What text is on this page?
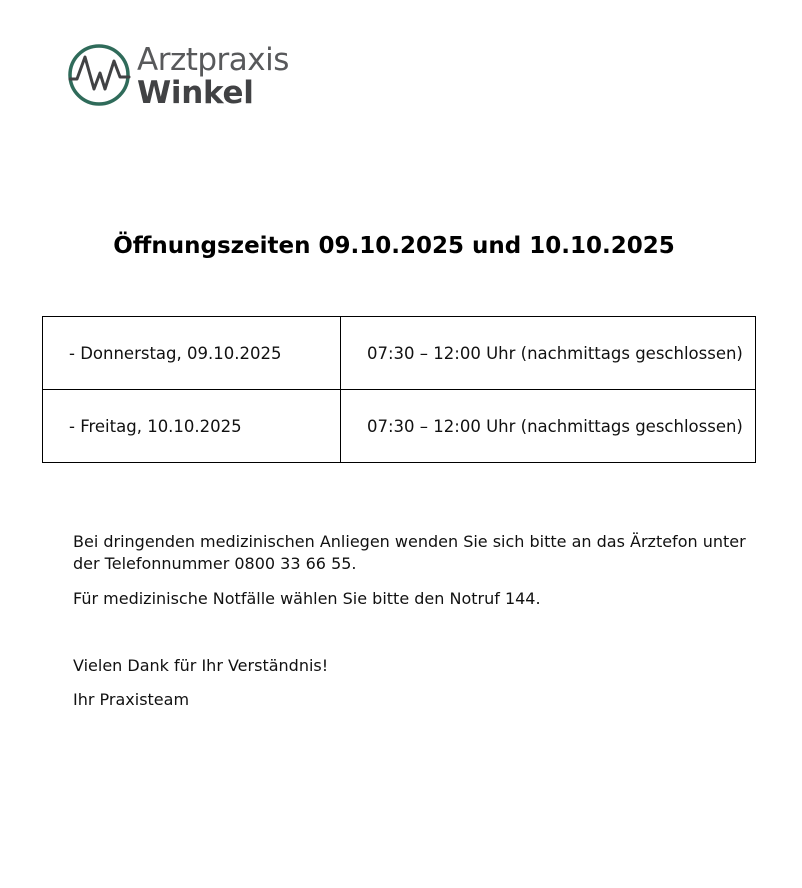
Arztpraxis
Winkel
Öffnungszeiten 09.10.2025 und 10.10.2025
- Donnerstag, 09.10.2025	07:30 – 12:00 Uhr (nachmittags geschlossen)
- Freitag, 10.10.2025	07:30 – 12:00 Uhr (nachmittags geschlossen)
Bei dringenden medizinischen Anliegen wenden Sie sich bitte an das Ärztefon unter der Telefonnummer 0800 33 66 55.
Für medizinische Notfälle wählen Sie bitte den Notruf 144.
Vielen Dank für Ihr Verständnis!
Ihr Praxisteam
